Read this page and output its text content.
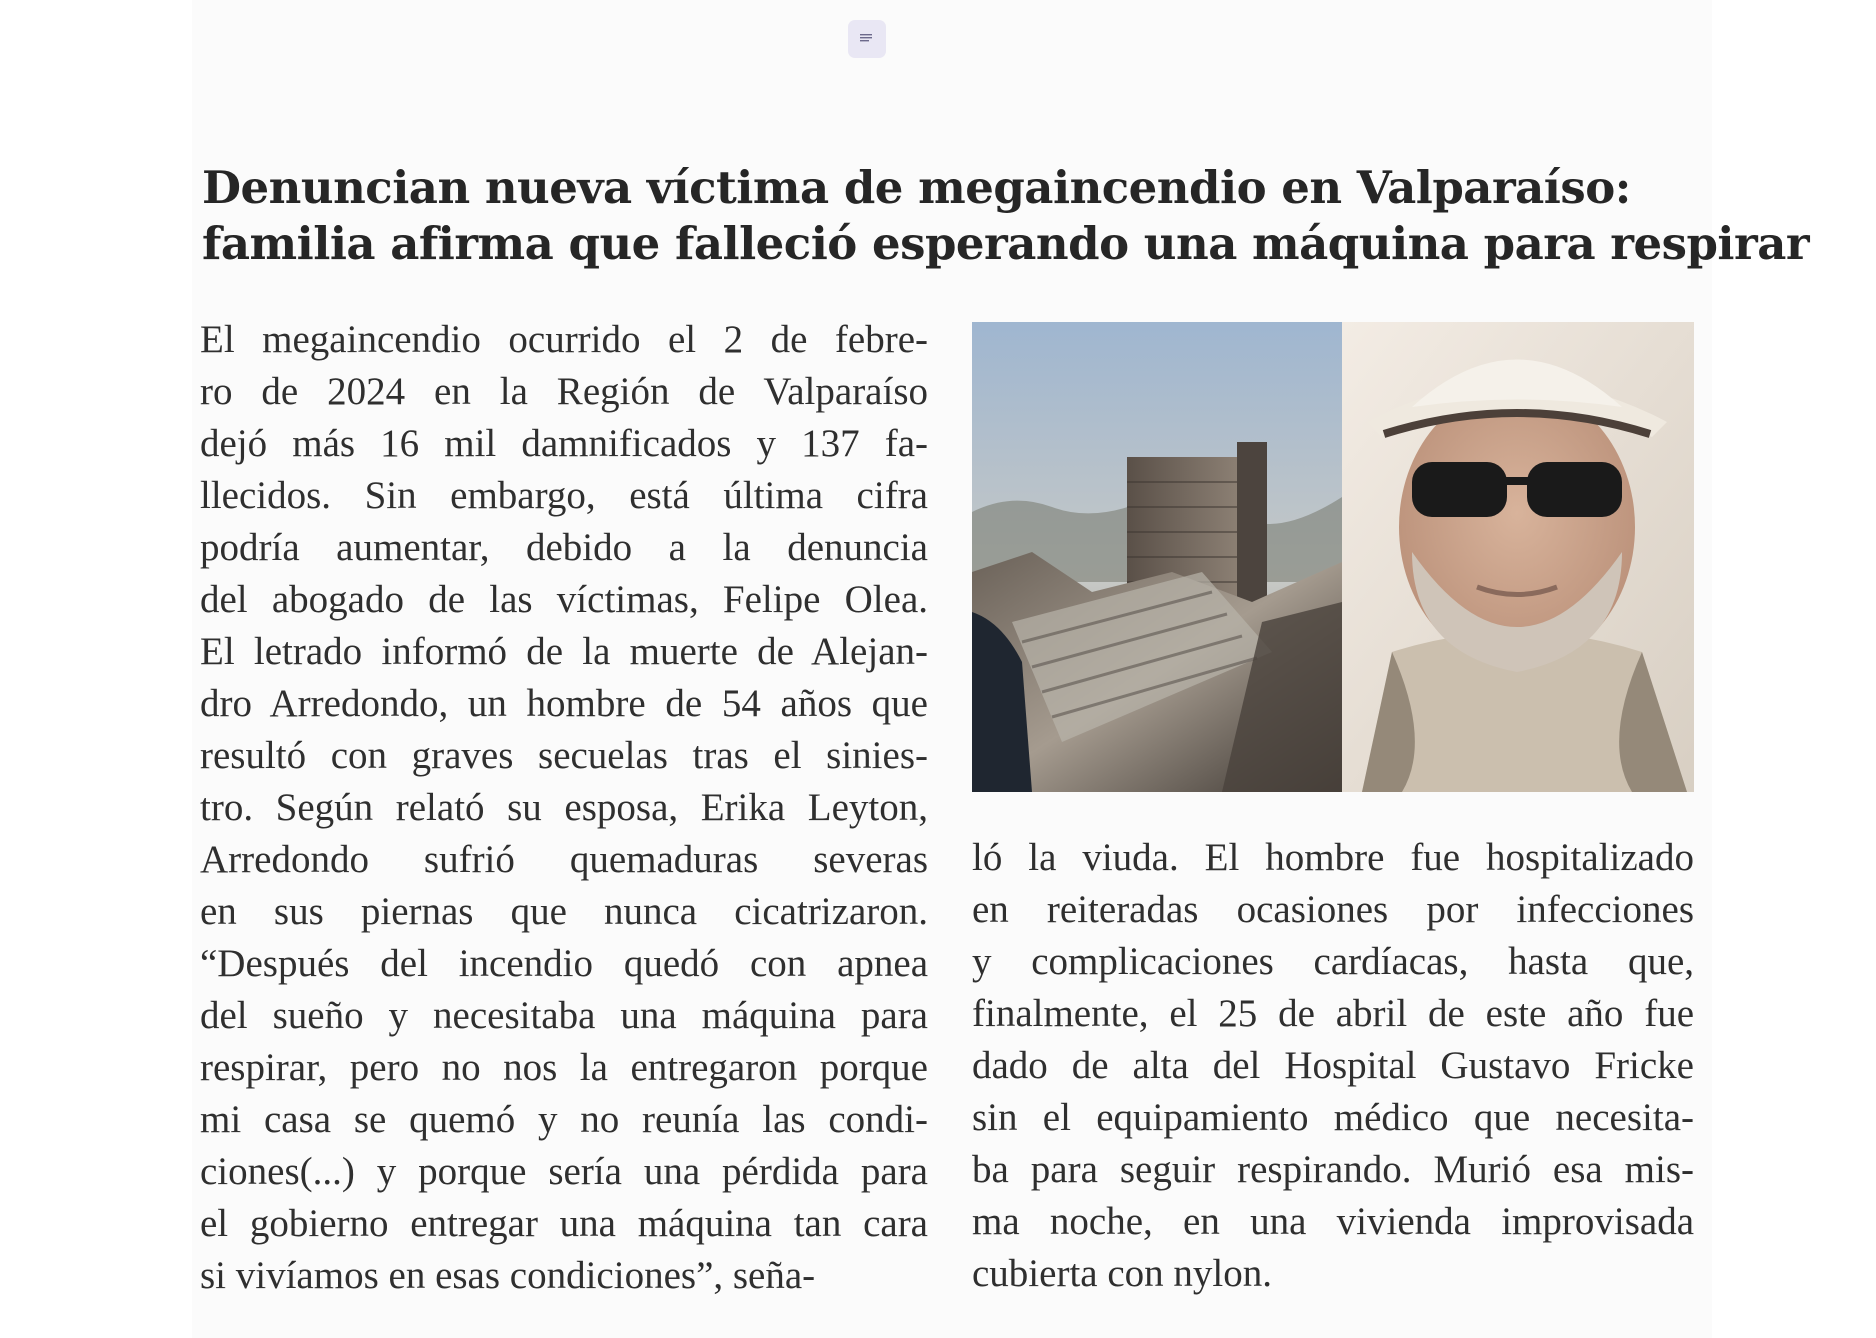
Denuncian nueva víctima de megaincendio en Valparaíso:
familia afirma que falleció esperando una máquina para respirar
El megaincendio ocurrido el 2 de febre-
ro de 2024 en la Región de Valparaíso
dejó más 16 mil damnificados y 137 fa-
llecidos. Sin embargo, está última cifra
podría aumentar, debido a la denuncia
del abogado de las víctimas, Felipe Olea.
El letrado informó de la muerte de Alejan-
dro Arredondo, un hombre de 54 años que
resultó con graves secuelas tras el sinies-
tro. Según relató su esposa, Erika Leyton,
Arredondo sufrió quemaduras severas
en sus piernas que nunca cicatrizaron.
“Después del incendio quedó con apnea
del sueño y necesitaba una máquina para
respirar, pero no nos la entregaron porque
mi casa se quemó y no reunía las condi-
ciones(...) y porque sería una pérdida para
el gobierno entregar una máquina tan cara
si vivíamos en esas condiciones”, seña-
ló la viuda. El hombre fue hospitalizado
en reiteradas ocasiones por infecciones
y complicaciones cardíacas, hasta que,
finalmente, el 25 de abril de este año fue
dado de alta del Hospital Gustavo Fricke
sin el equipamiento médico que necesita-
ba para seguir respirando. Murió esa mis-
ma noche, en una vivienda improvisada
cubierta con nylon.
